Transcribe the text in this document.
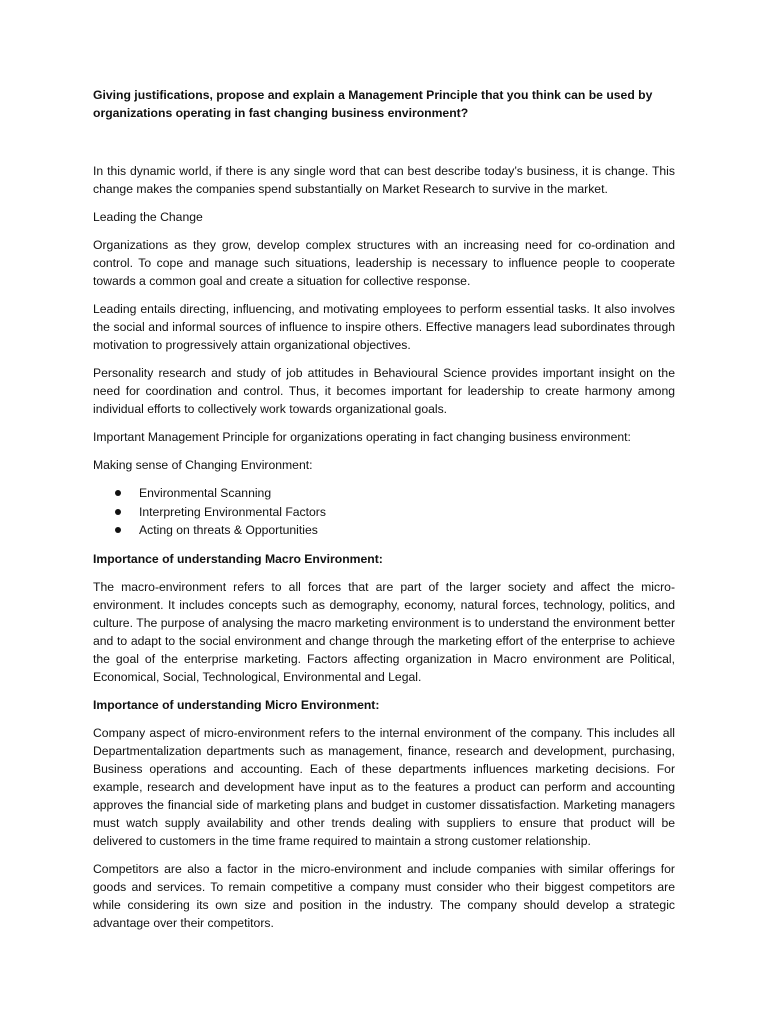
Giving justifications, propose and explain a Management Principle that you think can be used by organizations operating in fast changing business environment?

In this dynamic world, if there is any single word that can best describe today’s business, it is change. This change makes the companies spend substantially on Market Research to survive in the market.

Leading the Change

Organizations as they grow, develop complex structures with an increasing need for co-ordination and control. To cope and manage such situations, leadership is necessary to influence people to cooperate towards a common goal and create a situation for collective response.

Leading entails directing, influencing, and motivating employees to perform essential tasks. It also involves the social and informal sources of influence to inspire others. Effective managers lead subordinates through motivation to progressively attain organizational objectives.

Personality research and study of job attitudes in Behavioural Science provides important insight on the need for coordination and control. Thus, it becomes important for leadership to create harmony among individual efforts to collectively work towards organizational goals.

Important Management Principle for organizations operating in fact changing business environment:

Making sense of Changing Environment:

Environmental Scanning
Interpreting Environmental Factors
Acting on threats & Opportunities

Importance of understanding Macro Environment:

The macro-environment refers to all forces that are part of the larger society and affect the micro-environment. It includes concepts such as demography, economy, natural forces, technology, politics, and culture. The purpose of analysing the macro marketing environment is to understand the environment better and to adapt to the social environment and change through the marketing effort of the enterprise to achieve the goal of the enterprise marketing. Factors affecting organization in Macro environment are Political, Economical, Social, Technological, Environmental and Legal.

Importance of understanding Micro Environment:

Company aspect of micro-environment refers to the internal environment of the company. This includes all Departmentalization departments such as management, finance, research and development, purchasing, Business operations and accounting. Each of these departments influences marketing decisions. For example, research and development have input as to the features a product can perform and accounting approves the financial side of marketing plans and budget in customer dissatisfaction. Marketing managers must watch supply availability and other trends dealing with suppliers to ensure that product will be delivered to customers in the time frame required to maintain a strong customer relationship.

Competitors are also a factor in the micro-environment and include companies with similar offerings for goods and services. To remain competitive a company must consider who their biggest competitors are while considering its own size and position in the industry. The company should develop a strategic advantage over their competitors.
